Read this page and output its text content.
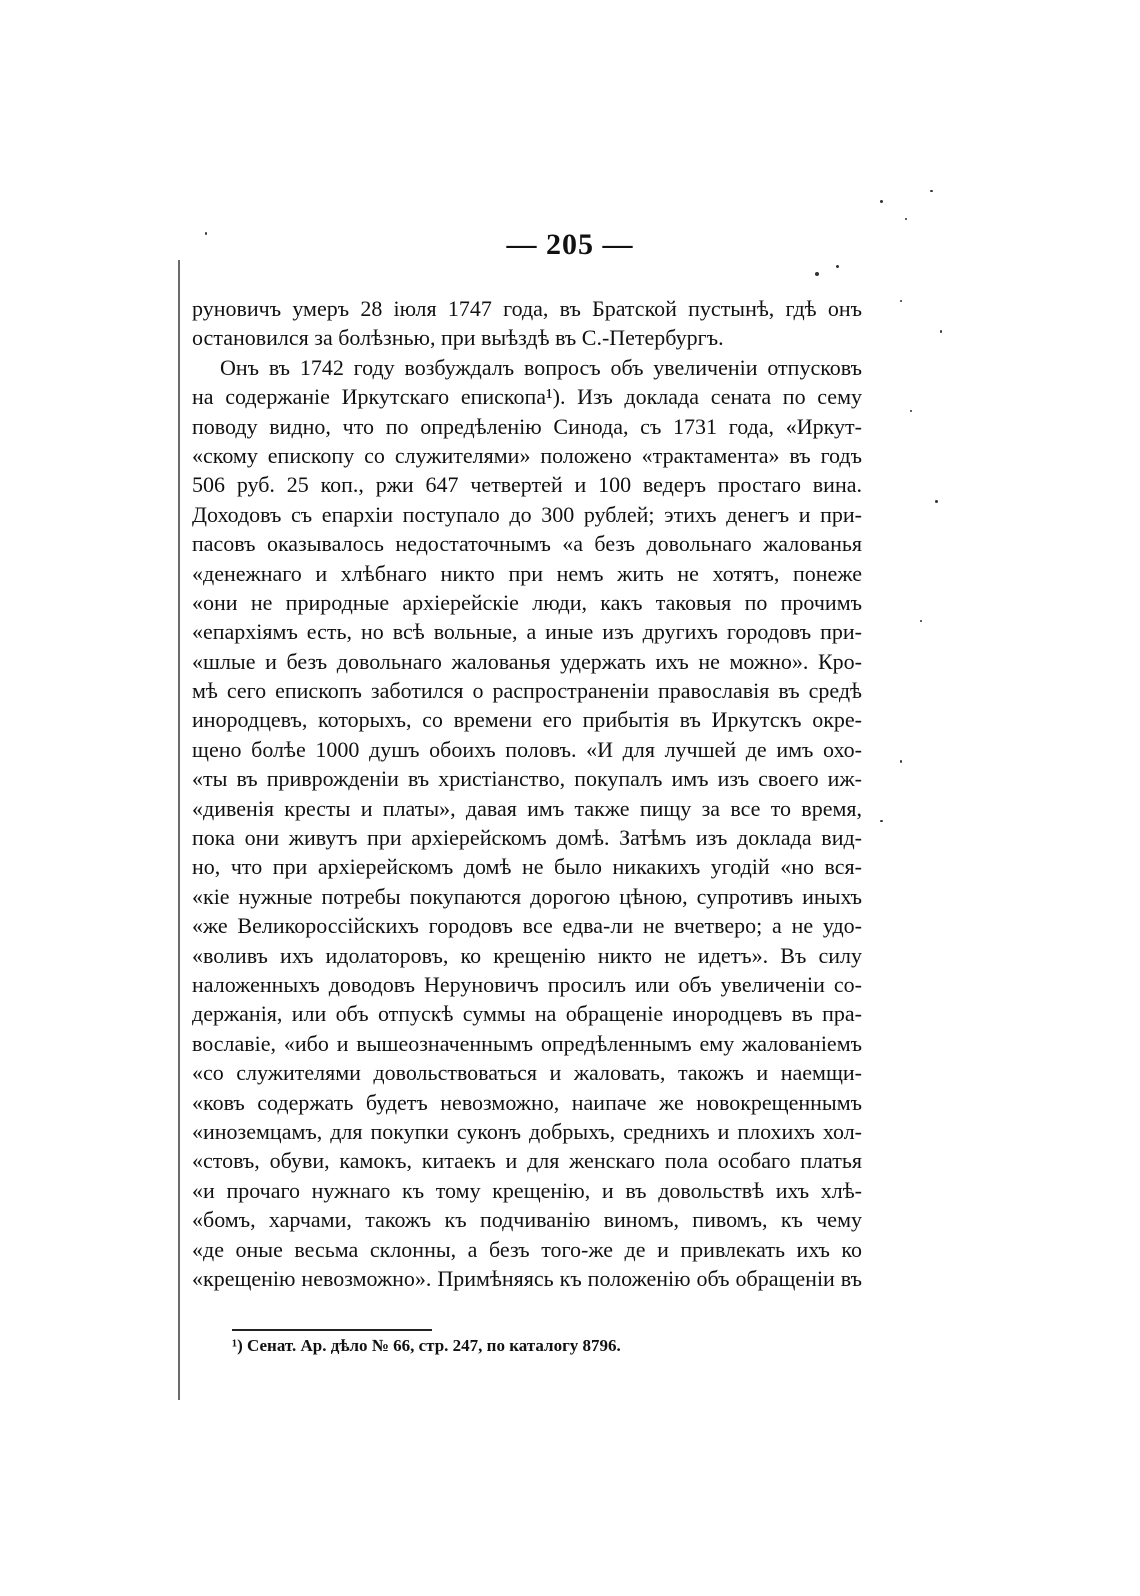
— 205 —
руновичъ умеръ 28 іюля 1747 года, въ Братской пустынѣ, гдѣ онъ
остановился за болѣзнью, при выѣздѣ въ С.-Петербургъ.
Онъ въ 1742 году возбуждалъ вопросъ объ увеличеніи отпусковъ
на содержаніе Иркутскаго епископа¹). Изъ доклада сената по сему
поводу видно, что по опредѣленію Синода, съ 1731 года, «Иркут-
«скому епископу со служителями» положено «трактамента» въ годъ
506 руб. 25 коп., ржи 647 четвертей и 100 ведеръ простаго вина.
Доходовъ съ епархіи поступало до 300 рублей; этихъ денегъ и при-
пасовъ оказывалось недостаточнымъ «а безъ довольнаго жалованья
«денежнаго и хлѣбнаго никто при немъ жить не хотятъ, понеже
«они не природные архіерейскіе люди, какъ таковыя по прочимъ
«епархіямъ есть, но всѣ вольные, а иные изъ другихъ городовъ при-
«шлые и безъ довольнаго жалованья удержать ихъ не можно». Кро-
мѣ сего епископъ заботился о распространеніи православія въ средѣ
инородцевъ, которыхъ, со времени его прибытія въ Иркутскъ окре-
щено болѣе 1000 душъ обоихъ половъ. «И для лучшей де имъ охо-
«ты въ приврожденіи въ христіанство, покупалъ имъ изъ своего иж-
«дивенія кресты и платы», давая имъ также пищу за все то время,
пока они живутъ при архіерейскомъ домѣ. Затѣмъ изъ доклада вид-
но, что при архіерейскомъ домѣ не было никакихъ угодій «но вся-
«кіе нужные потребы покупаются дорогою цѣною, супротивъ иныхъ
«же Великороссійскихъ городовъ все едва-ли не вчетверо; а не удо-
«воливъ ихъ идолаторовъ, ко крещенію никто не идетъ». Въ силу
наложенныхъ доводовъ Неруновичъ просилъ или объ увеличеніи со-
держанія, или объ отпускѣ суммы на обращеніе инородцевъ въ пра-
вославіе, «ибо и вышеозначеннымъ опредѣленнымъ ему жалованіемъ
«со служителями довольствоваться и жаловать, такожъ и наемщи-
«ковъ содержать будетъ невозможно, наипаче же новокрещеннымъ
«иноземцамъ, для покупки суконъ добрыхъ, среднихъ и плохихъ хол-
«стовъ, обуви, камокъ, китаекъ и для женскаго пола особаго платья
«и прочаго нужнаго къ тому крещенію, и въ довольствѣ ихъ хлѣ-
«бомъ, харчами, такожъ къ подчиванію виномъ, пивомъ, къ чему
«де оные весьма склонны, а безъ того-же де и привлекать ихъ ко
«крещенію невозможно». Примѣняясь къ положенію объ обращеніи въ
¹) Сенат. Ар. дѣло № 66, стр. 247, по каталогу 8796.
